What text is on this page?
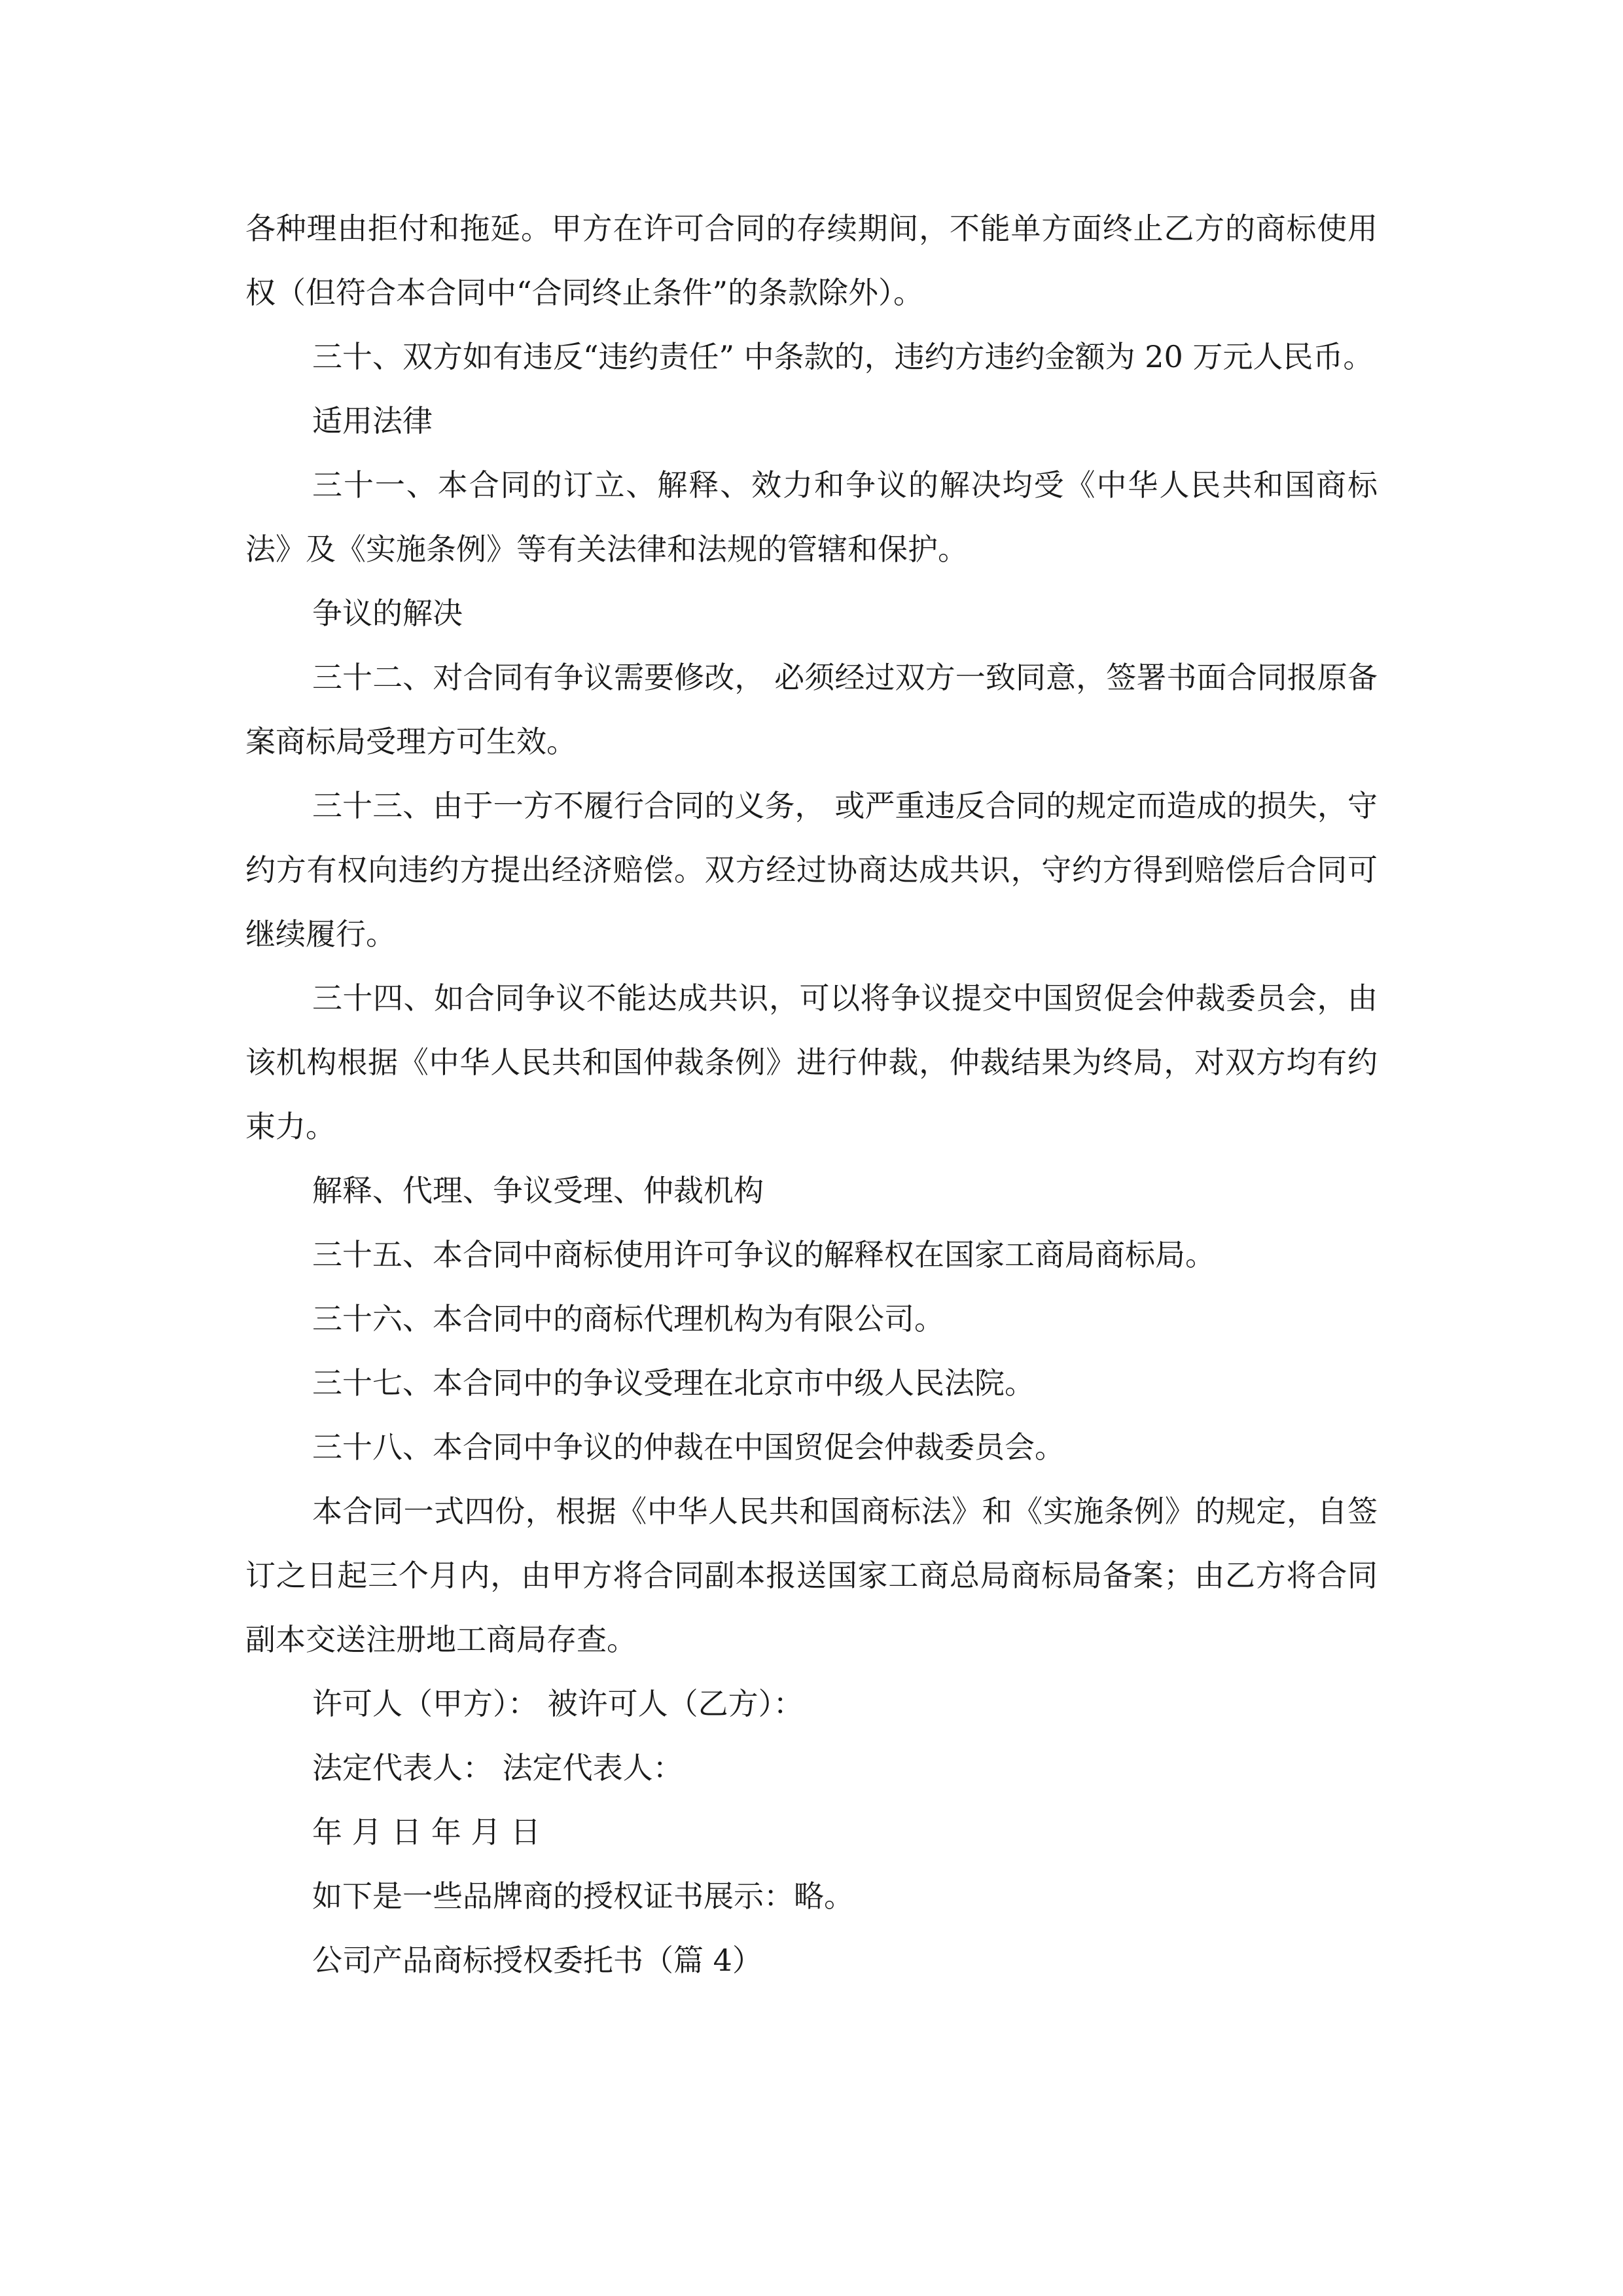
各种理由拒付和拖延。甲方在许可合同的存续期间，不能单方面终止乙方的商标使用权（但符合本合同中“合同终止条件”的条款除外）。

三十、双方如有违反“违约责任” 中条款的，违约方违约金额为 20 万元人民币。

适用法律

三十一、本合同的订立、解释、效力和争议的解决均受《中华人民共和国商标法》及《实施条例》等有关法律和法规的管辖和保护。

争议的解决

三十二、对合同有争议需要修改， 必须经过双方一致同意，签署书面合同报原备案商标局受理方可生效。

三十三、由于一方不履行合同的义务， 或严重违反合同的规定而造成的损失，守约方有权向违约方提出经济赔偿。双方经过协商达成共识，守约方得到赔偿后合同可继续履行。

三十四、如合同争议不能达成共识，可以将争议提交中国贸促会仲裁委员会，由该机构根据《中华人民共和国仲裁条例》进行仲裁，仲裁结果为终局，对双方均有约束力。

解释、代理、争议受理、仲裁机构

三十五、本合同中商标使用许可争议的解释权在国家工商局商标局。

三十六、本合同中的商标代理机构为有限公司。

三十七、本合同中的争议受理在北京市中级人民法院。

三十八、本合同中争议的仲裁在中国贸促会仲裁委员会。

本合同一式四份，根据《中华人民共和国商标法》和《实施条例》的规定，自签订之日起三个月内，由甲方将合同副本报送国家工商总局商标局备案；由乙方将合同副本交送注册地工商局存查。

许可人（甲方）： 被许可人（乙方）：

法定代表人： 法定代表人：

年 月 日 年 月 日

如下是一些品牌商的授权证书展示：略。

公司产品商标授权委托书（篇 4）
